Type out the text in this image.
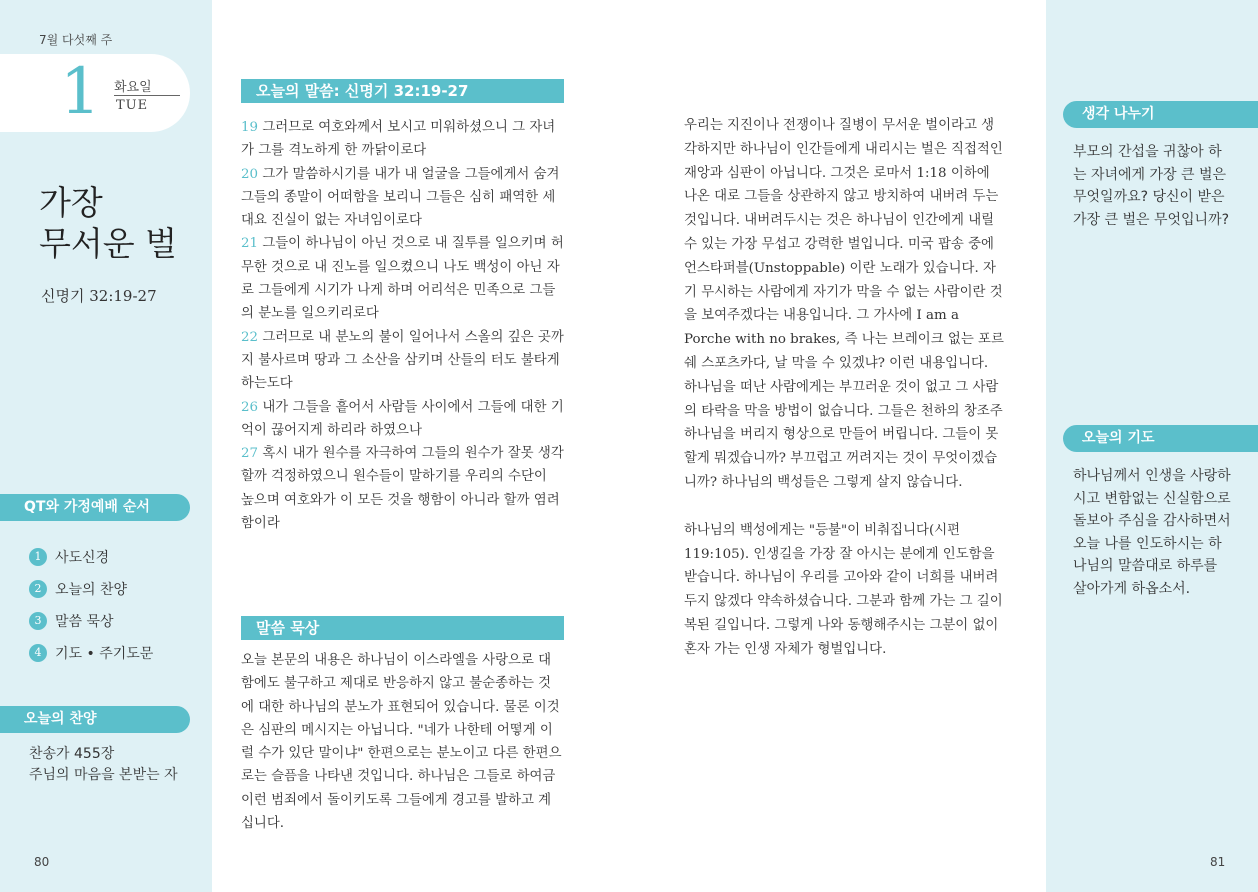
7월 다섯째 주
1 화요일
TUE
가장
무서운 벌
신명기 32:19-27
QT와 가정예배 순서
1 사도신경
2 오늘의 찬양
3 말씀 묵상
4 기도 • 주기도문
오늘의 찬양
찬송가 455장
주님의 마음을 본받는 자
80
오늘의 말씀: 신명기 32:19-27
19 그러므로 여호와께서 보시고 미워하셨으니 그 자녀가 그를 격노하게 한 까닭이로다
20 그가 말씀하시기를 내가 내 얼굴을 그들에게서 숨겨 그들의 종말이 어떠함을 보리니 그들은 심히 패역한 세대요 진실이 없는 자녀임이로다
21 그들이 하나님이 아닌 것으로 내 질투를 일으키며 허무한 것으로 내 진노를 일으켰으니 나도 백성이 아닌 자로 그들에게 시기가 나게 하며 어리석은 민족으로 그들의 분노를 일으키리로다
22 그러므로 내 분노의 불이 일어나서 스올의 깊은 곳까지 불사르며 땅과 그 소산을 삼키며 산들의 터도 불타게 하는도다
26 내가 그들을 흩어서 사람들 사이에서 그들에 대한 기억이 끊어지게 하리라 하였으나
27 혹시 내가 원수를 자극하여 그들의 원수가 잘못 생각할까 걱정하였으니 원수들이 말하기를 우리의 수단이 높으며 여호와가 이 모든 것을 행함이 아니라 할까 염려함이라
말씀 묵상
오늘 본문의 내용은 하나님이 이스라엘을 사랑으로 대함에도 불구하고 제대로 반응하지 않고 불순종하는 것에 대한 하나님의 분노가 표현되어 있습니다. 물론 이것은 심판의 메시지는 아닙니다. "네가 나한테 어떻게 이럴 수가 있단 말이냐" 한편으로는 분노이고 다른 한편으로는 슬픔을 나타낸 것입니다. 하나님은 그들로 하여금 이런 범죄에서 돌이키도록 그들에게 경고를 발하고 계십니다.

우리는 지진이나 전쟁이나 질병이 무서운 벌이라고 생각하지만 하나님이 인간들에게 내리시는 벌은 직접적인 재앙과 심판이 아닙니다. 그것은 로마서 1:18 이하에 나온 대로 그들을 상관하지 않고 방치하여 내버려 두는 것입니다. 내버려두시는 것은 하나님이 인간에게 내릴 수 있는 가장 무섭고 강력한 벌입니다. 미국 팝송 중에 언스타퍼블(Unstoppable) 이란 노래가 있습니다. 자기 무시하는 사람에게 자기가 막을 수 없는 사람이란 것을 보여주겠다는 내용입니다. 그 가사에 I am a Porche with no brakes, 즉 나는 브레이크 없는 포르쉐 스포츠카다, 날 막을 수 있겠냐? 이런 내용입니다. 하나님을 떠난 사람에게는 부끄러운 것이 없고 그 사람의 타락을 막을 방법이 없습니다. 그들은 천하의 창조주 하나님을 버리지 형상으로 만들어 버립니다. 그들이 못할게 뭐겠습니까? 부끄럽고 꺼려지는 것이 무엇이겠습니까? 하나님의 백성들은 그렇게 살지 않습니다.

하나님의 백성에게는 "등불"이 비춰집니다(시편 119:105). 인생길을 가장 잘 아시는 분에게 인도함을 받습니다. 하나님이 우리를 고아와 같이 너희를 내버려두지 않겠다 약속하셨습니다. 그분과 함께 가는 그 길이 복된 길입니다. 그렇게 나와 동행해주시는 그분이 없이 혼자 가는 인생 자체가 형벌입니다.

생각 나누기
부모의 간섭을 귀찮아 하는 자녀에게 가장 큰 벌은 무엇일까요? 당신이 받은 가장 큰 벌은 무엇입니까?
오늘의 기도
하나님께서 인생을 사랑하시고 변함없는 신실함으로 돌보아 주심을 감사하면서 오늘 나를 인도하시는 하나님의 말씀대로 하루를 살아가게 하옵소서.
81
